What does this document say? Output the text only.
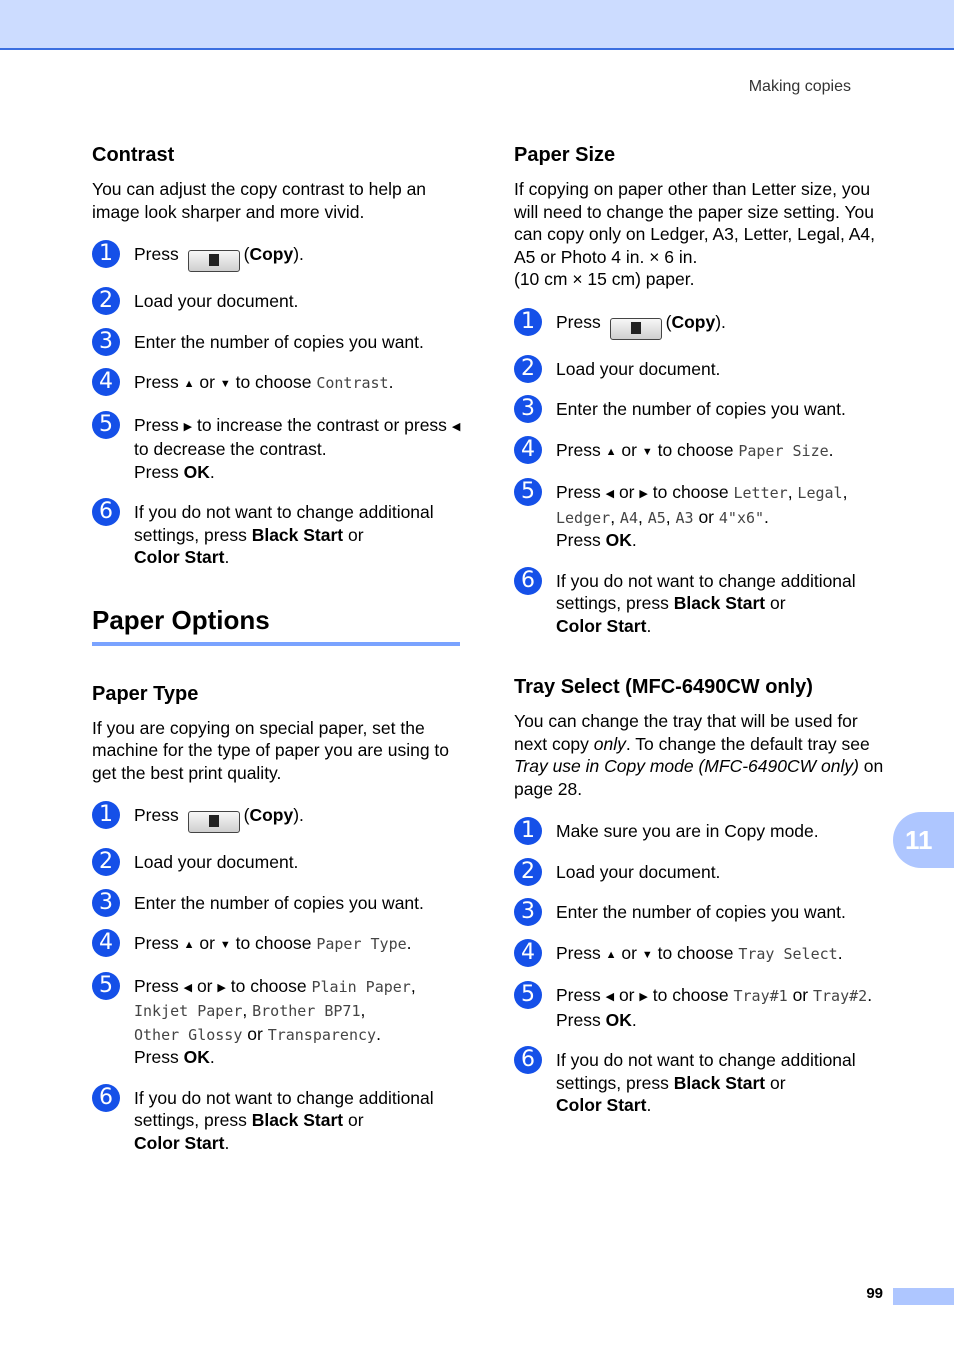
Making copies
Contrast

You can adjust the copy contrast to help an image look sharper and more vivid.

1	Press	(Copy).
2	Load your document.
3	Enter the number of copies you want.
4	Press ▲ or ▼ to choose Contrast.
5	Press ▶ to increase the contrast or press ◀ to decrease the contrast.
Press OK.
6	If you do not want to change additional settings, press Black Start or
Color Start.
Paper Options
Paper Type

If you are copying on special paper, set the machine for the type of paper you are using to get the best print quality.

1	Press	(Copy).
2	Load your document.
3	Enter the number of copies you want.
4	Press ▲ or ▼ to choose Paper Type.
5	Press ◀ or ▶ to choose Plain Paper,
Inkjet Paper, Brother BP71,
Other Glossy or Transparency.
Press OK.
6	If you do not want to change additional settings, press Black Start or
Color Start.
Paper Size

If copying on paper other than Letter size, you will need to change the paper size setting. You can copy only on Ledger, A3, Letter, Legal, A4, A5 or Photo 4 in. × 6 in.

(10 cm × 15 cm) paper.

1	Press	(Copy).
2	Load your document.
3	Enter the number of copies you want.
4	Press ▲ or ▼ to choose Paper Size.
5	Press ◀ or ▶ to choose Letter, Legal,
Ledger, A4, A5, A3 or 4"x6".
Press OK.
6	If you do not want to change additional settings, press Black Start or
Color Start.
Tray Select (MFC-6490CW only)

You can change the tray that will be used for next copy only. To change the default tray see Tray use in Copy mode (MFC-6490CW only) on page 28.

1	Make sure you are in Copy mode.
2	Load your document.
3	Enter the number of copies you want.
4	Press ▲ or ▼ to choose Tray Select.
5	Press ◀ or ▶ to choose Tray#1 or Tray#2.
Press OK.
6	If you do not want to change additional settings, press Black Start or
Color Start.
11
99
